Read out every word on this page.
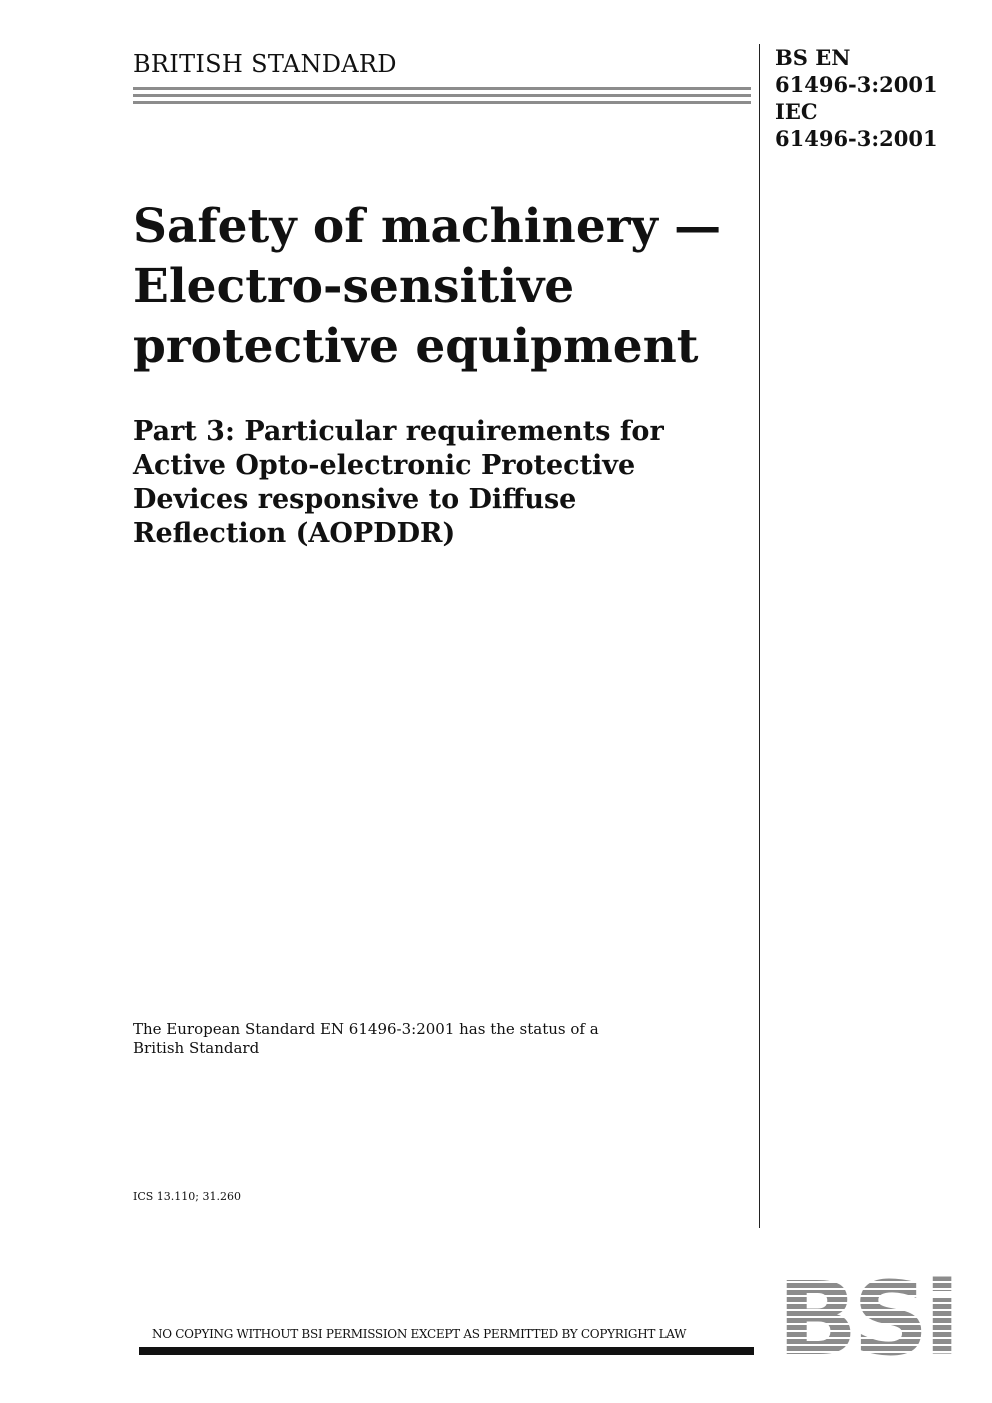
BRITISH STANDARD	BS EN
61496-3:2001
IEC
61496-3:2001
Safety of machinery —
Electro-sensitive
protective equipment
Part 3: Particular requirements for
Active Opto-electronic Protective
Devices responsive to Diffuse
Reflection (AOPDDR)
The European Standard EN 61496-3:2001 has the status of a
British Standard
ICS 13.110; 31.260
BSi
NO COPYING WITHOUT BSI PERMISSION EXCEPT AS PERMITTED BY COPYRIGHT LAW
